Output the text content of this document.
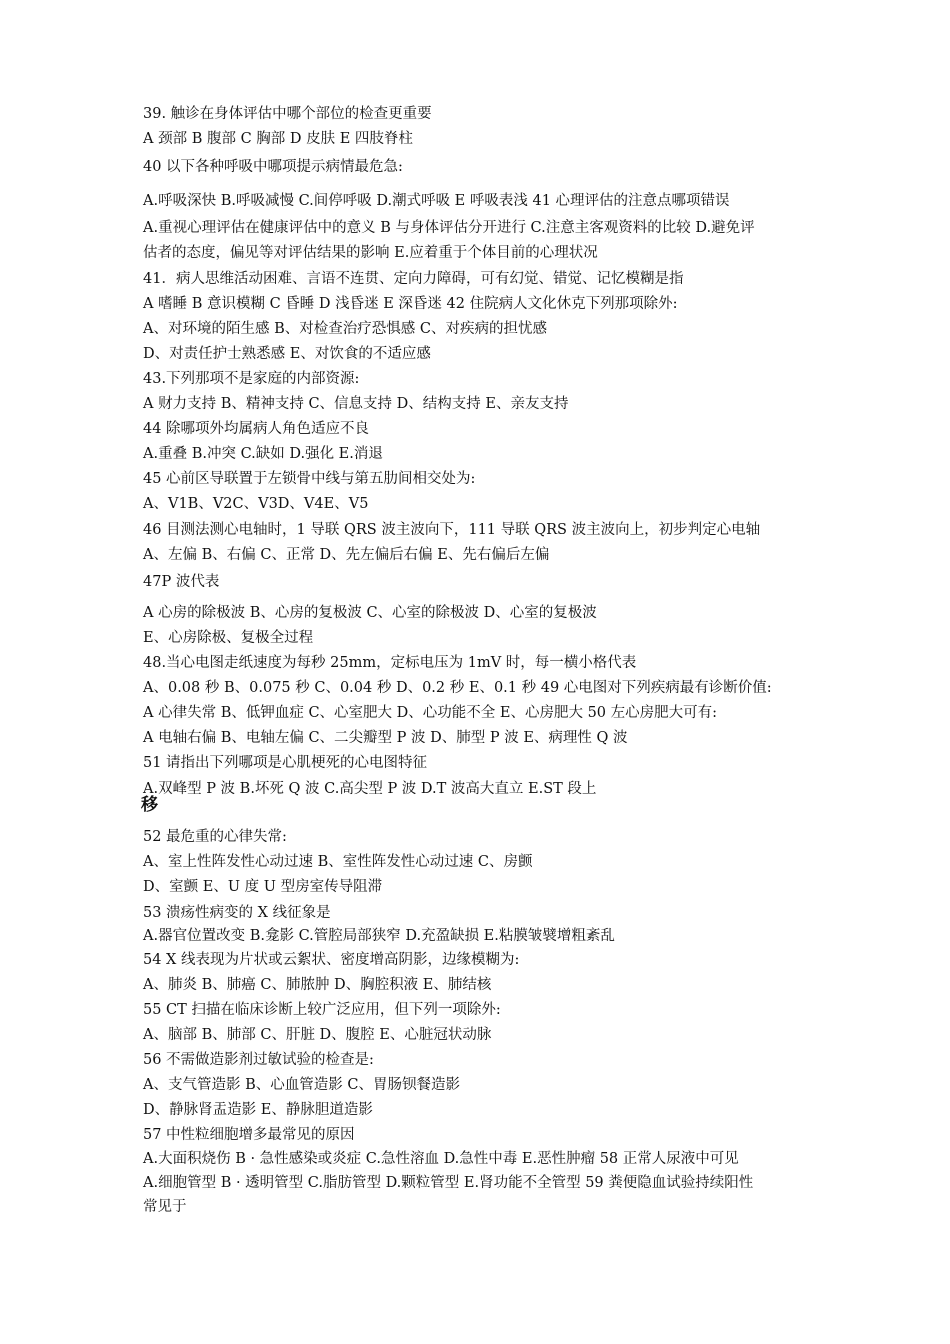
39. 触诊在身体评估中哪个部位的检查更重要
A 颈部 B 腹部 C 胸部 D 皮肤 E 四肢脊柱
40 以下各种呼吸中哪项提示病情最危急:
A.呼吸深快 B.呼吸减慢 C.间停呼吸 D.潮式呼吸 E 呼吸表浅 41 心理评估的注意点哪项错误
A.重视心理评估在健康评估中的意义 B 与身体评估分开进行 C.注意主客观资料的比较 D.避免评
估者的态度，偏见等对评估结果的影响 E.应着重于个体目前的心理状况
41．病人思维活动困难、言语不连贯、定向力障碍，可有幻觉、错觉、记忆模糊是指
A 嗜睡 B 意识模糊 C 昏睡 D 浅昏迷 E 深昏迷 42 住院病人文化休克下列那项除外:
A、对环境的陌生感 B、对检查治疗恐惧感 C、对疾病的担忧感
D、对责任护士熟悉感 E、对饮食的不适应感
43.下列那项不是家庭的内部资源:
A 财力支持 B、精神支持 C、信息支持 D、结构支持 E、亲友支持
44 除哪项外均属病人角色适应不良
A.重叠 B.冲突 C.缺如 D.强化 E.消退
45 心前区导联置于左锁骨中线与第五肋间相交处为:
A、V1B、V2C、V3D、V4E、V5
46 目测法测心电轴时，1 导联 QRS 波主波向下，111 导联 QRS 波主波向上，初步判定心电轴
A、左偏 B、右偏 C、正常 D、先左偏后右偏 E、先右偏后左偏
47P 波代表
A 心房的除极波 B、心房的复极波 C、心室的除极波 D、心室的复极波
E、心房除极、复极全过程
48.当心电图走纸速度为每秒 25mm，定标电压为 1mV 时，每一横小格代表
A、0.08 秒 B、0.075 秒 C、0.04 秒 D、0.2 秒 E、0.1 秒 49 心电图对下列疾病最有诊断价值:
A 心律失常 B、低钾血症 C、心室肥大 D、心功能不全 E、心房肥大 50 左心房肥大可有:
A 电轴右偏 B、电轴左偏 C、二尖瓣型 P 波 D、肺型 P 波 E、病理性 Q 波
51 请指出下列哪项是心肌梗死的心电图特征
A.双峰型 P 波 B.坏死 Q 波 C.高尖型 P 波 D.T 波高大直立 E.ST 段上
移
52 最危重的心律失常:
A、室上性阵发性心动过速 B、室性阵发性心动过速 C、房颤
D、室颤 E、U 度 U 型房室传导阻滞
53 溃疡性病变的 X 线征象是
A.器官位置改变 B.龛影 C.管腔局部狭窄 D.充盈缺损 E.粘膜皱襞增粗紊乱
54 X 线表现为片状或云絮状、密度增高阴影，边缘模糊为:
A、肺炎 B、肺癌 C、肺脓肿 D、胸腔积液 E、肺结核
55 CT 扫描在临床诊断上较广泛应用，但下列一项除外:
A、脑部 B、肺部 C、肝脏 D、腹腔 E、心脏冠状动脉
56 不需做造影剂过敏试验的检查是:
A、支气管造影 B、心血管造影 C、胃肠钡餐造影
D、静脉肾盂造影 E、静脉胆道造影
57 中性粒细胞增多最常见的原因
A.大面积烧伤 B · 急性感染或炎症 C.急性溶血 D.急性中毒 E.恶性肿瘤 58 正常人尿液中可见
A.细胞管型 B · 透明管型 C.脂肪管型 D.颗粒管型 E.肾功能不全管型 59 粪便隐血试验持续阳性
常见于
